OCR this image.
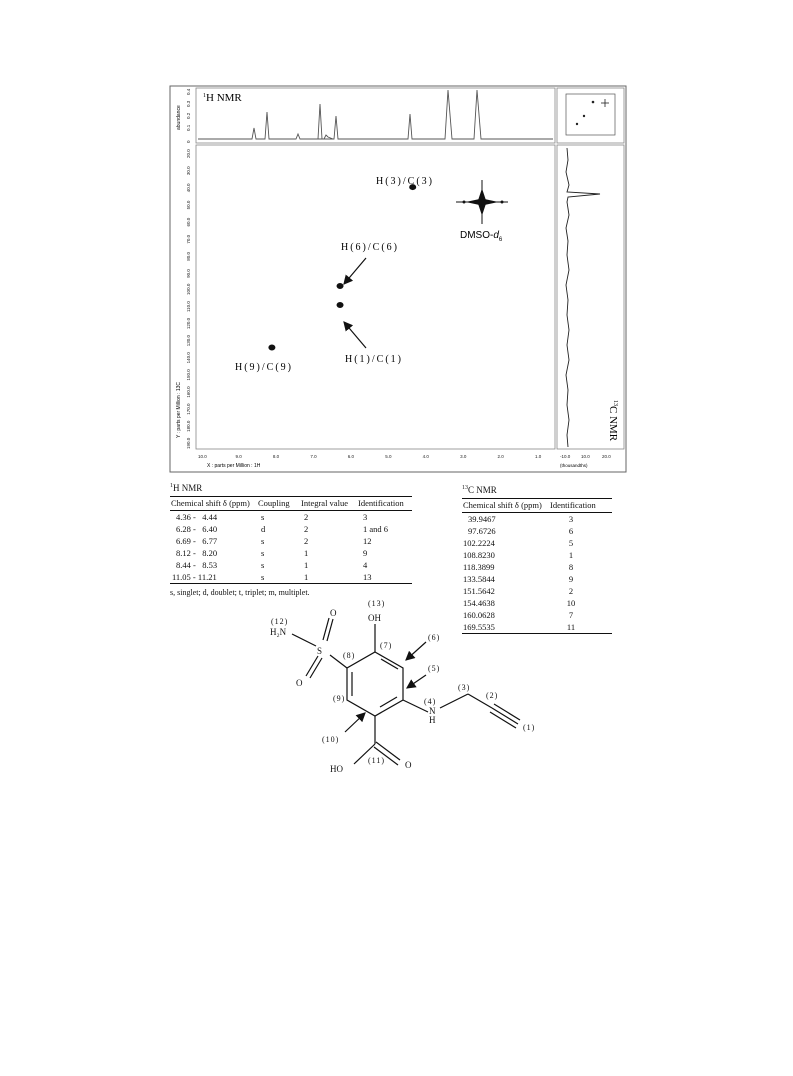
abundance
0.4
0.3
0.2
0.1
0
20.0
30.0
40.0
50.0
60.0
70.0
80.0
90.0
100.0
110.0
120.0
130.0
140.0
150.0
160.0
170.0
180.0
190.0
Y : parts per Million : 13C
10.0	9.0	8.0	7.0	6.0	5.0	4.0	3.0	2.0	1.0
X : parts per Million : 1H
-10.0 10.0	20.0
(thousandths)
$^1$H NMR
$^{13}$C NMR
DMSO-$d_6$
H(3)/C(3)
H(6)/C(6)
H(1)/C(1)
H(9)/C(9)
OH
H₂N
S
O
O
N
H
HO	O
(13)
(12)
(7)
(6)
(8)
(5)
(9)	(4)
(3)
(2)
(1)
(10)
(11)
$^1$H NMR
Chemical shift δ (ppm)	Coupling	Integral value	Identification
4.36 -   4.44	s	2	3
6.28 -   6.40	d	2	1 and 6
6.69 -   6.77	s	2	12
8.12 -   8.20	s	1	9
8.44 -   8.53	s	1	4
11.05 - 11.21	s	1	13
s, singlet; d, doublet; t, triplet; m, multiplet.
$^{13}$C NMR
Chemical shift δ (ppm)	Identification
39.9467	3
97.6726	6
102.2224	5
108.8230	1
118.3899	8
133.5844	9
151.5642	2
154.4638	10
160.0628	7
169.5535	11
